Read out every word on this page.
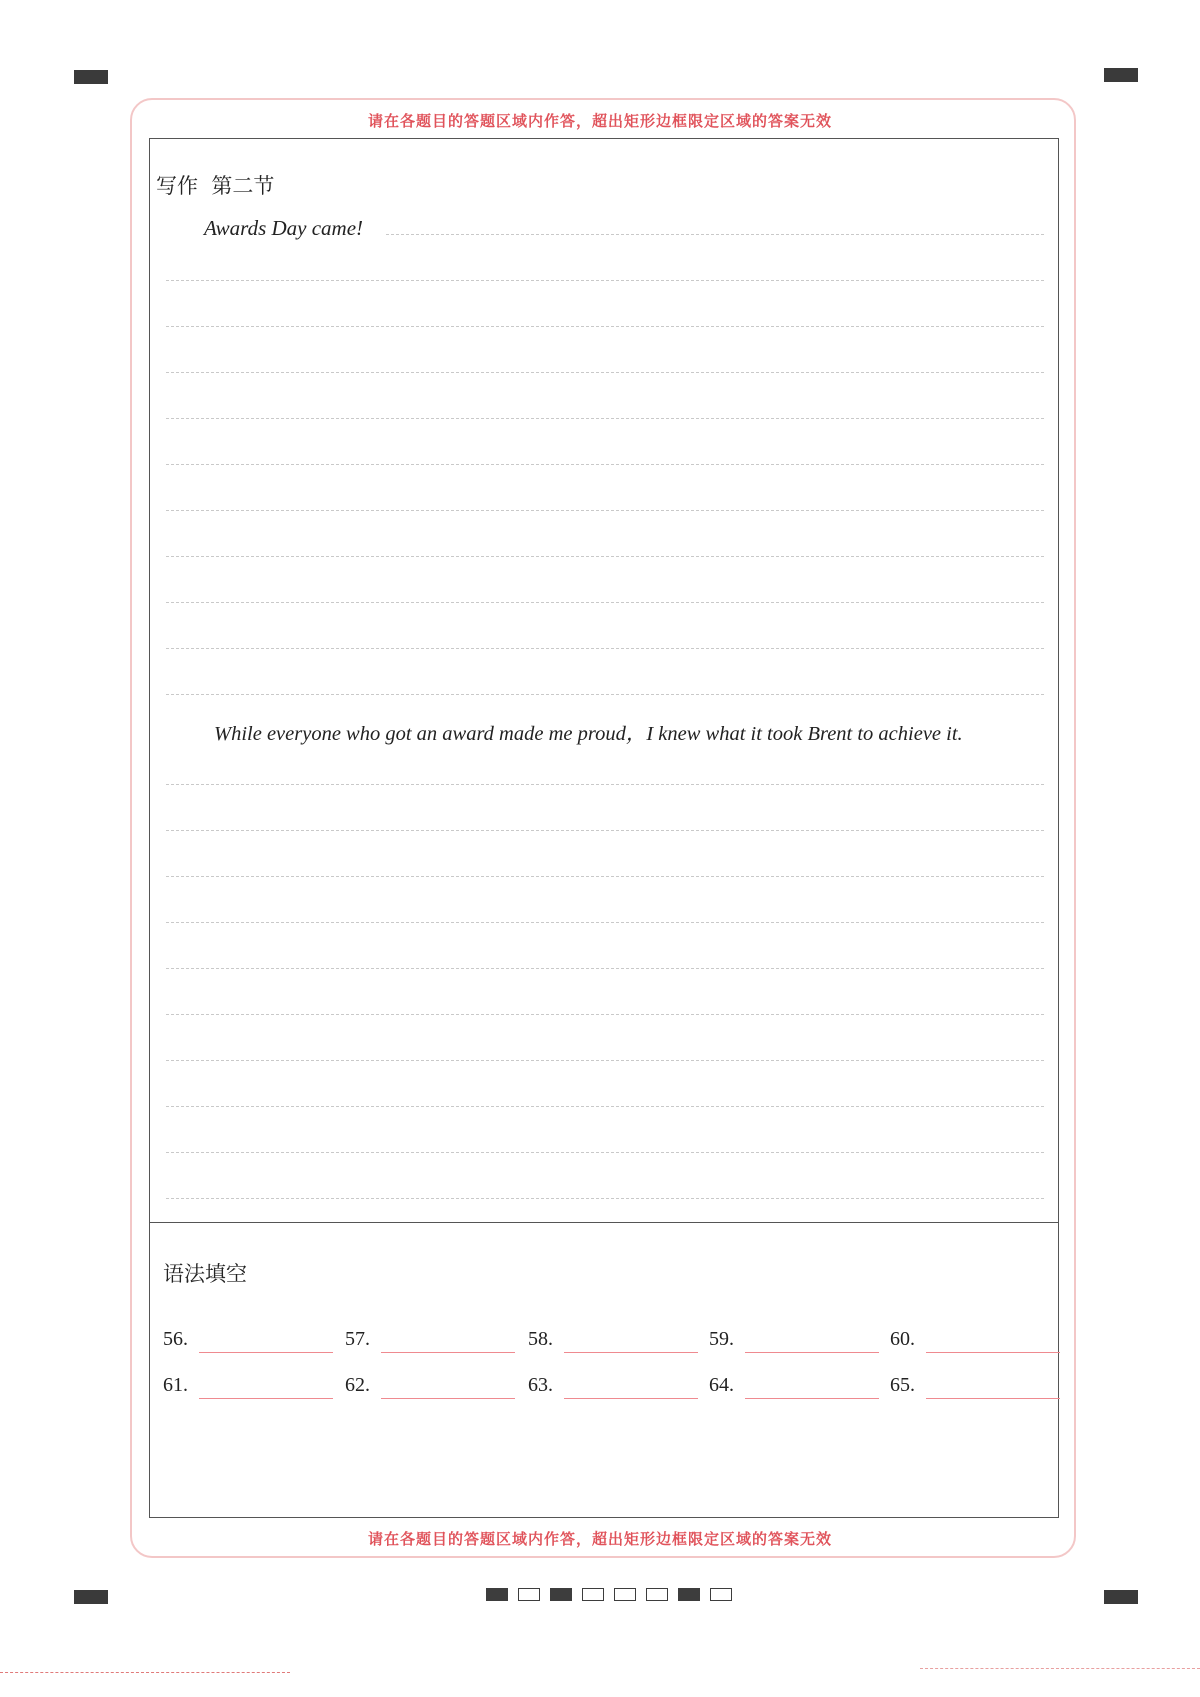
请在各题目的答题区域内作答，超出矩形边框限定区域的答案无效
请在各题目的答题区域内作答，超出矩形边框限定区域的答案无效
写作  第二节
Awards Day came!
While everyone who got an award made me proud，I knew what it took Brent to achieve it.
语法填空
56.	57.	58.	59.	60.
61.	62.	63.	64.	65.
